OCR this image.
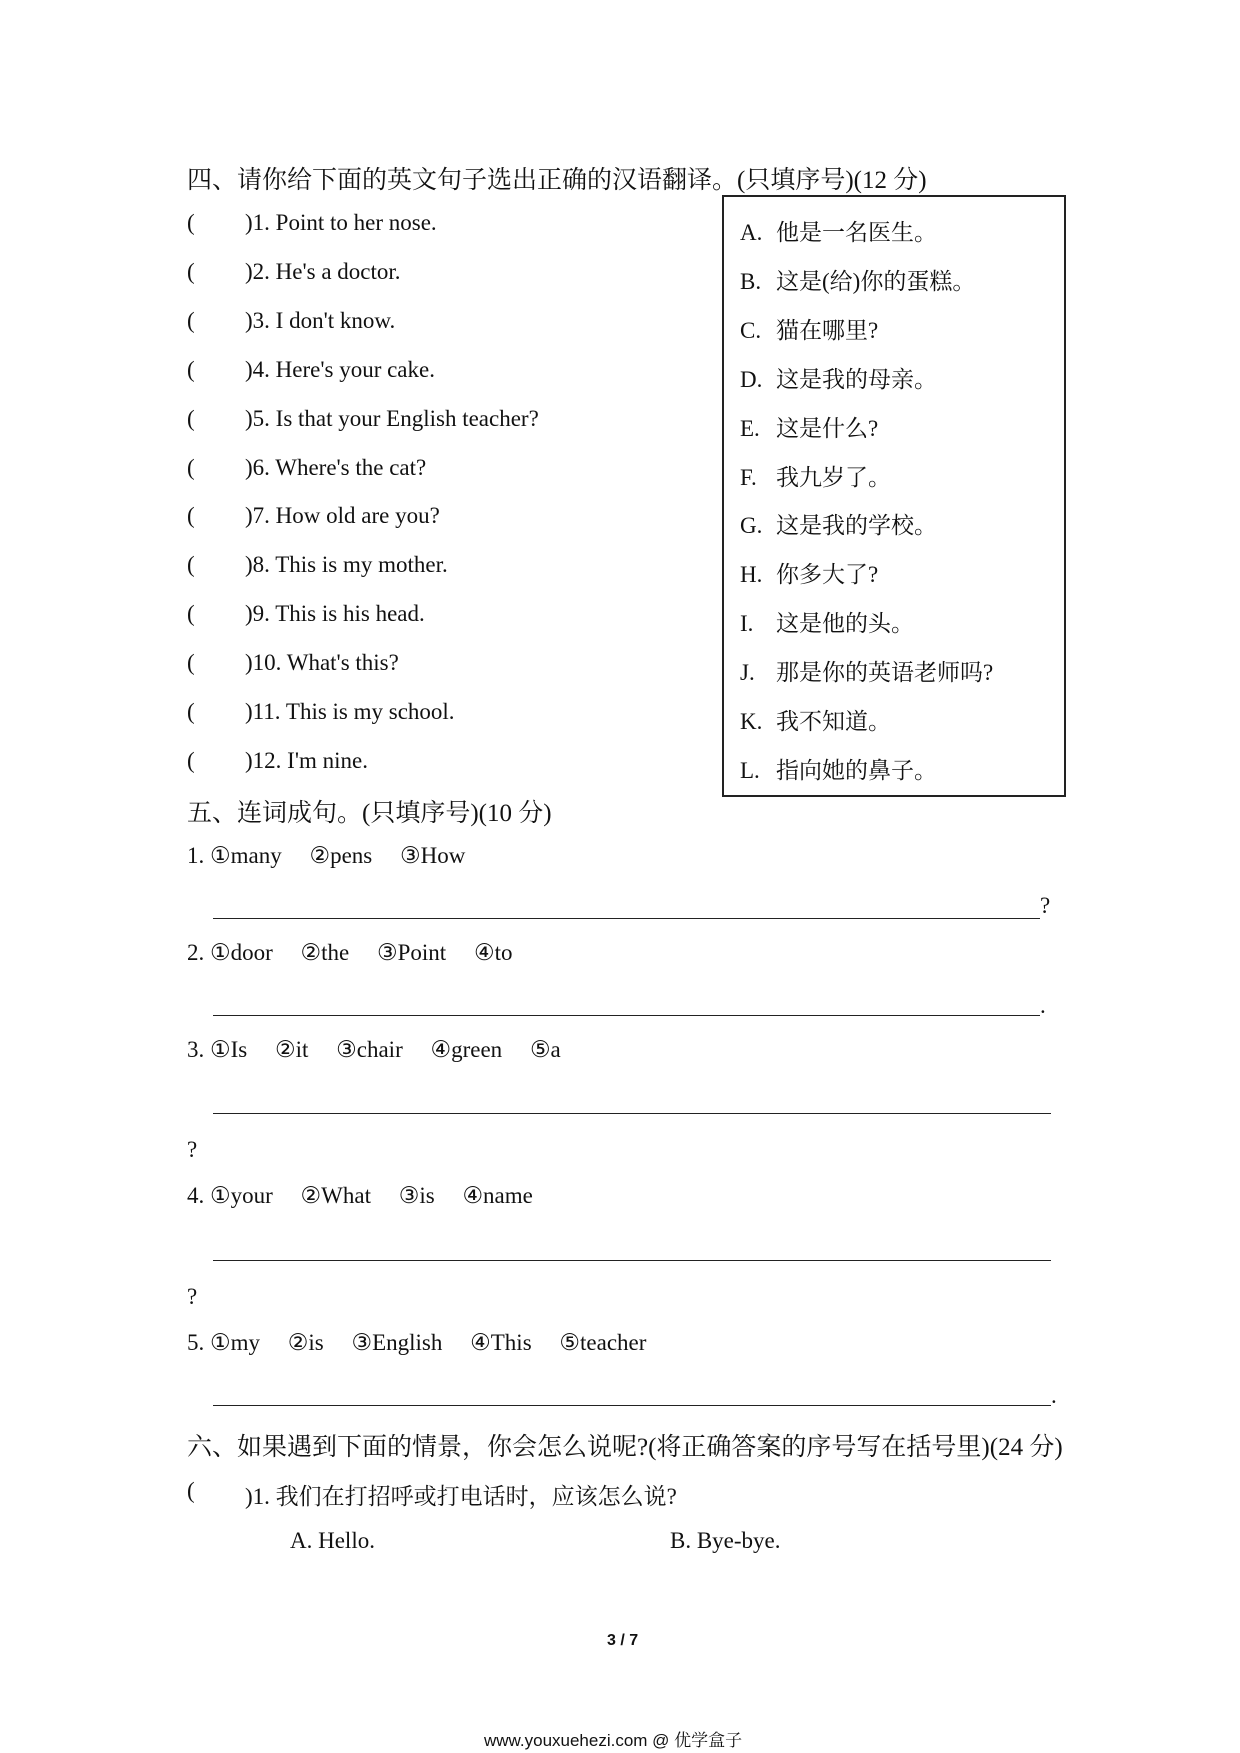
四、请你给下面的英文句子选出正确的汉语翻译。(只填序号)(12 分)
( )1. Point to her nose.
( )2. He's a doctor.
( )3. I don't know.
( )4. Here's your cake.
( )5. Is that your English teacher?
( )6. Where's the cat?
( )7. How old are you?
( )8. This is my mother.
( )9. This is his head.
( )10. What's this?
( )11. This is my school.
( )12. I'm nine.
A. 他是一名医生。
B. 这是(给)你的蛋糕。
C. 猫在哪里?
D. 这是我的母亲。
E. 这是什么?
F. 我九岁了。
G. 这是我的学校。
H. 你多大了?
I. 这是他的头。
J. 那是你的英语老师吗?
K. 我不知道。
L. 指向她的鼻子。
五、连词成句。(只填序号)(10 分)
1. ①many ②pens ③How
?
2. ①door ②the ③Point ④to
.
3. ①Is ②it ③chair ④green ⑤a
?
4. ①your ②What ③is ④name
?
5. ①my ②is ③English ④This ⑤teacher
.
六、如果遇到下面的情景，你会怎么说呢?(将正确答案的序号写在括号里)(24 分)
( )1. 我们在打招呼或打电话时，应该怎么说?
A. Hello.	B. Bye-bye.
3 / 7
www.youxuehezi.com @ 优学盒子
